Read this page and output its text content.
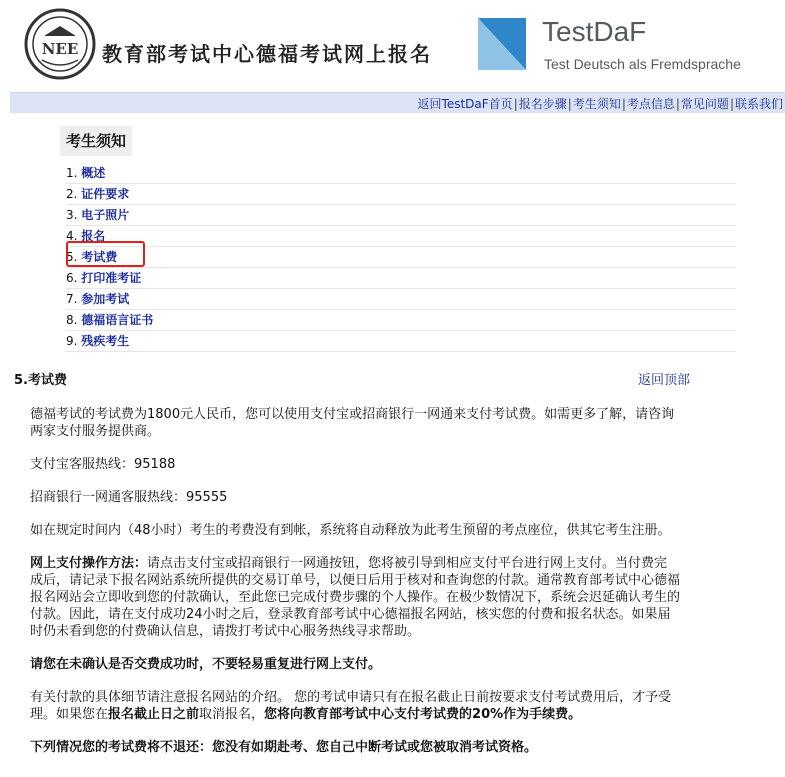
NEE 教育部考试中心德福考试网上报名
TestDaF
Test Deutsch als Fremdsprache
返回TestDaF首页|报名步骤|考生须知|考点信息|常见问题|联系我们
考生须知
1. 概述
2. 证件要求
3. 电子照片
4. 报名
5. 考试费
6. 打印准考证
7. 参加考试
8. 德福语言证书
9. 残疾考生
5.考试费	返回顶部

德福考试的考试费为1800元人民币，您可以使用支付宝或招商银行一网通来支付考试费。如需更多了解，请咨询两家支付服务提供商。

支付宝客服热线：95188

招商银行一网通客服热线：95555

如在规定时间内（48小时）考生的考费没有到帐，系统将自动释放为此考生预留的考点座位，供其它考生注册。

网上支付操作方法：请点击支付宝或招商银行一网通按钮，您将被引导到相应支付平台进行网上支付。当付费完成后，请记录下报名网站系统所提供的交易订单号，以便日后用于核对和查询您的付款。通常教育部考试中心德福报名网站会立即收到您的付款确认，至此您已完成付费步骤的个人操作。在极少数情况下，系统会迟延确认考生的付款。因此，请在支付成功24小时之后，登录教育部考试中心德福报名网站，核实您的付费和报名状态。如果届时仍未看到您的付费确认信息，请拨打考试中心服务热线寻求帮助。

请您在未确认是否交费成功时，不要轻易重复进行网上支付。

有关付款的具体细节请注意报名网站的介绍。 您的考试申请只有在报名截止日前按要求支付考试费用后，才予受理。如果您在报名截止日之前取消报名，您将向教育部考试中心支付考试费的20%作为手续费。

下列情况您的考试费将不退还：您没有如期赴考、您自己中断考试或您被取消考试资格。
